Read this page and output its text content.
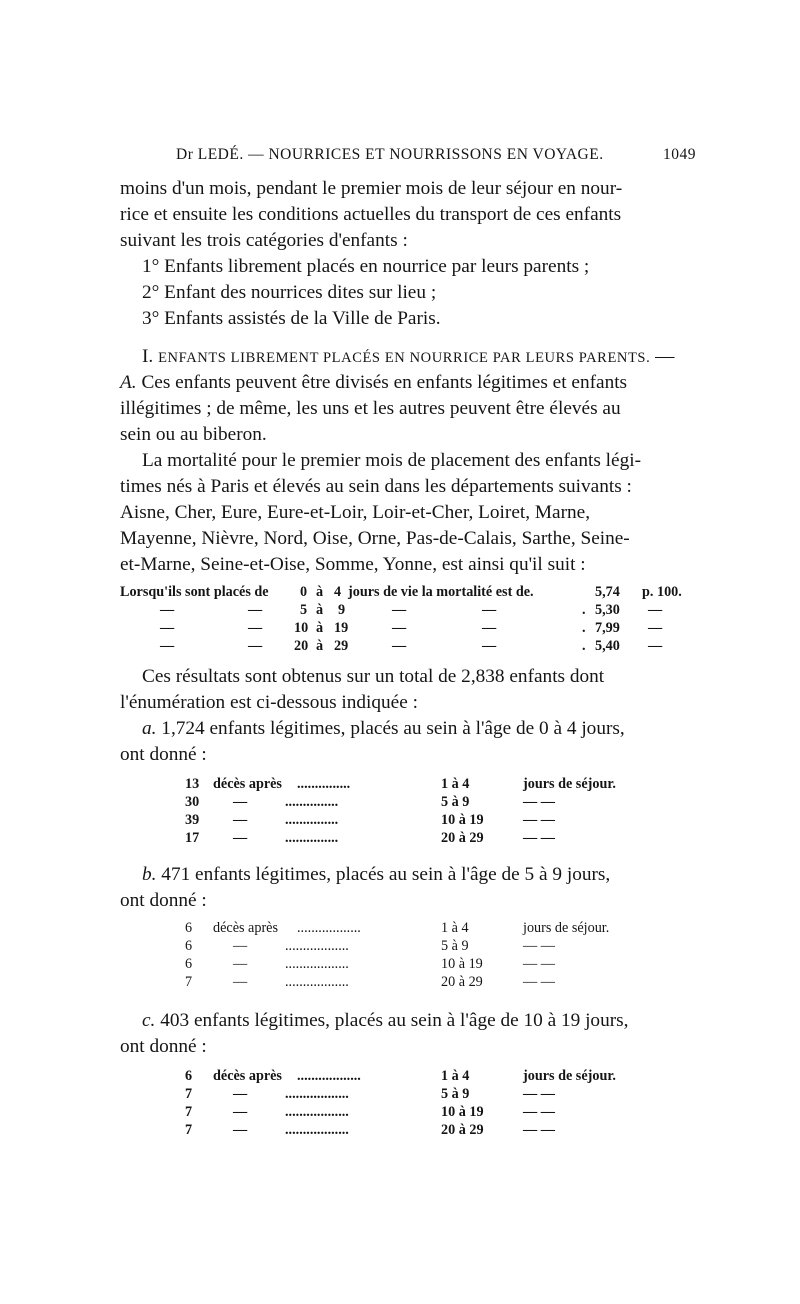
Dr LEDÉ. — NOURRICES ET NOURRISSONS EN VOYAGE.	1049
moins d'un mois, pendant le premier mois de leur séjour en nour-
rice et ensuite les conditions actuelles du transport de ces enfants
suivant les trois catégories d'enfants :
1° Enfants librement placés en nourrice par leurs parents ;
2° Enfant des nourrices dites sur lieu ;
3° Enfants assistés de la Ville de Paris.
I. ENFANTS LIBREMENT PLACÉS EN NOURRICE PAR LEURS PARENTS. —
A. Ces enfants peuvent être divisés en enfants légitimes et enfants
illégitimes ; de même, les uns et les autres peuvent être élevés au
sein ou au biberon.
La mortalité pour le premier mois de placement des enfants légi-
times nés à Paris et élevés au sein dans les départements suivants :
Aisne, Cher, Eure, Eure-et-Loir, Loir-et-Cher, Loiret, Marne,
Mayenne, Nièvre, Nord, Oise, Orne, Pas-de-Calais, Sarthe, Seine-
et-Marne, Seine-et-Oise, Somme, Yonne, est ainsi qu'il suit :
Lorsqu'ils sont placés de 0 à 4 jours de vie la mortalité est de.	5,74 p. 100.
—	—	5 à 9	—	—	. 5,30 —
—	— 10 à 19	—	—	. 7,99 —
—	— 20 à 29	—	—	. 5,40 —
Ces résultats sont obtenus sur un total de 2,838 enfants dont
l'énumération est ci-dessous indiquée :
a. 1,724 enfants légitimes, placés au sein à l'âge de 0 à 4 jours,
ont donné :
13 décès après ...............	1 à 4	jours de séjour.
30 —	...............	5 à 9	— —
39 —	...............	10 à 19	— —
17 —	...............	20 à 29	— —
b. 471 enfants légitimes, placés au sein à l'âge de 5 à 9 jours,
ont donné :
6 décès après ..................	1 à 4	jours de séjour.
6	—	..................	5 à 9	— —
6	—	..................	10 à 19	— —
7	—	..................	20 à 29	— —
c. 403 enfants légitimes, placés au sein à l'âge de 10 à 19 jours,
ont donné :
6 décès après ..................	1 à 4	jours de séjour.
7	—	..................	5 à 9	— —
7	—	..................	10 à 19	— —
7	—	..................	20 à 29	— —
